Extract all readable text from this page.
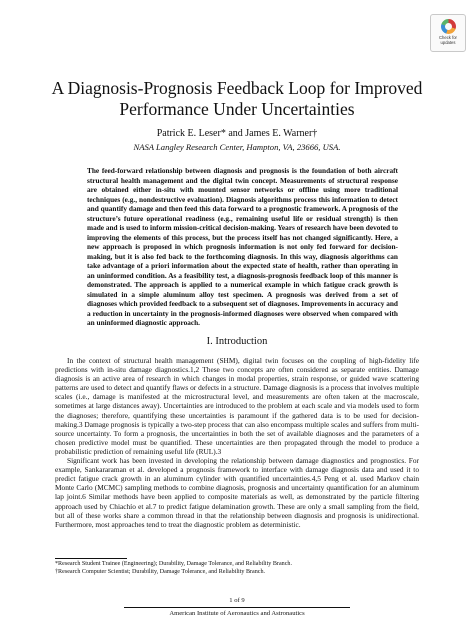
Check for
updates
A Diagnosis-Prognosis Feedback Loop for Improved
Performance Under Uncertainties
Patrick E. Leser* and James E. Warner†
NASA Langley Research Center, Hampton, VA, 23666, USA.

The feed-forward relationship between diagnosis and prognosis is the foundation of both aircraft structural health management and the digital twin concept. Measurements of structural response are obtained either in-situ with mounted sensor networks or offline using more traditional techniques (e.g., nondestructive evaluation). Diagnosis algorithms process this information to detect and quantify damage and then feed this data forward to a prognostic framework. A prognosis of the structure’s future operational readiness (e.g., remaining useful life or residual strength) is then made and is used to inform mission-critical decision-making. Years of research have been devoted to improving the elements of this process, but the process itself has not changed significantly. Here, a new approach is proposed in which prognosis information is not only fed forward for decision-making, but it is also fed back to the forthcoming diagnosis. In this way, diagnosis algorithms can take advantage of a priori information about the expected state of health, rather than operating in an uninformed condition. As a feasibility test, a diagnosis-prognosis feedback loop of this manner is demonstrated. The approach is applied to a numerical example in which fatigue crack growth is simulated in a simple aluminum alloy test specimen. A prognosis was derived from a set of diagnoses which provided feedback to a subsequent set of diagnoses. Improvements in accuracy and a reduction in uncertainty in the prognosis-informed diagnoses were observed when compared with an uninformed diagnostic approach.

I. Introduction

In the context of structural health management (SHM), digital twin focuses on the coupling of high-fidelity life predictions with in-situ damage diagnostics.1,2 These two concepts are often considered as separate entities. Damage diagnosis is an active area of research in which changes in modal properties, strain response, or guided wave scattering patterns are used to detect and quantify flaws or defects in a structure. Damage diagnosis is a process that involves multiple scales (i.e., damage is manifested at the microstructural level, and measurements are often taken at the macroscale, sometimes at large distances away). Uncertainties are introduced to the problem at each scale and via models used to form the diagnoses; therefore, quantifying these uncertainties is paramount if the gathered data is to be used for decision-making.3 Damage prognosis is typically a two-step process that can also encompass multiple scales and suffers from multi-source uncertainty. To form a prognosis, the uncertainties in both the set of available diagnoses and the parameters of a chosen predictive model must be quantified. These uncertainties are then propagated through the model to produce a probabilistic prediction of remaining useful life (RUL).3

Significant work has been invested in developing the relationship between damage diagnostics and prognostics. For example, Sankararaman et al. developed a prognosis framework to interface with damage diagnosis data and used it to predict fatigue crack growth in an aluminum cylinder with quantified uncertainties.4,5 Peng et al. used Markov chain Monte Carlo (MCMC) sampling methods to combine diagnosis, prognosis and uncertainty quantification for an aluminum lap joint.6 Similar methods have been applied to composite materials as well, as demonstrated by the particle filtering approach used by Chiachío et al.7 to predict fatigue delamination growth. These are only a small sampling from the field, but all of these works share a common thread in that the relationship between diagnosis and prognosis is unidirectional. Furthermore, most approaches tend to treat the diagnostic problem as deterministic.

*Research Student Trainee (Engineering); Durability, Damage Tolerance, and Reliability Branch.
†Research Computer Scientist; Durability, Damage Tolerance, and Reliability Branch.
1 of 9
American Institute of Aeronautics and Astronautics
